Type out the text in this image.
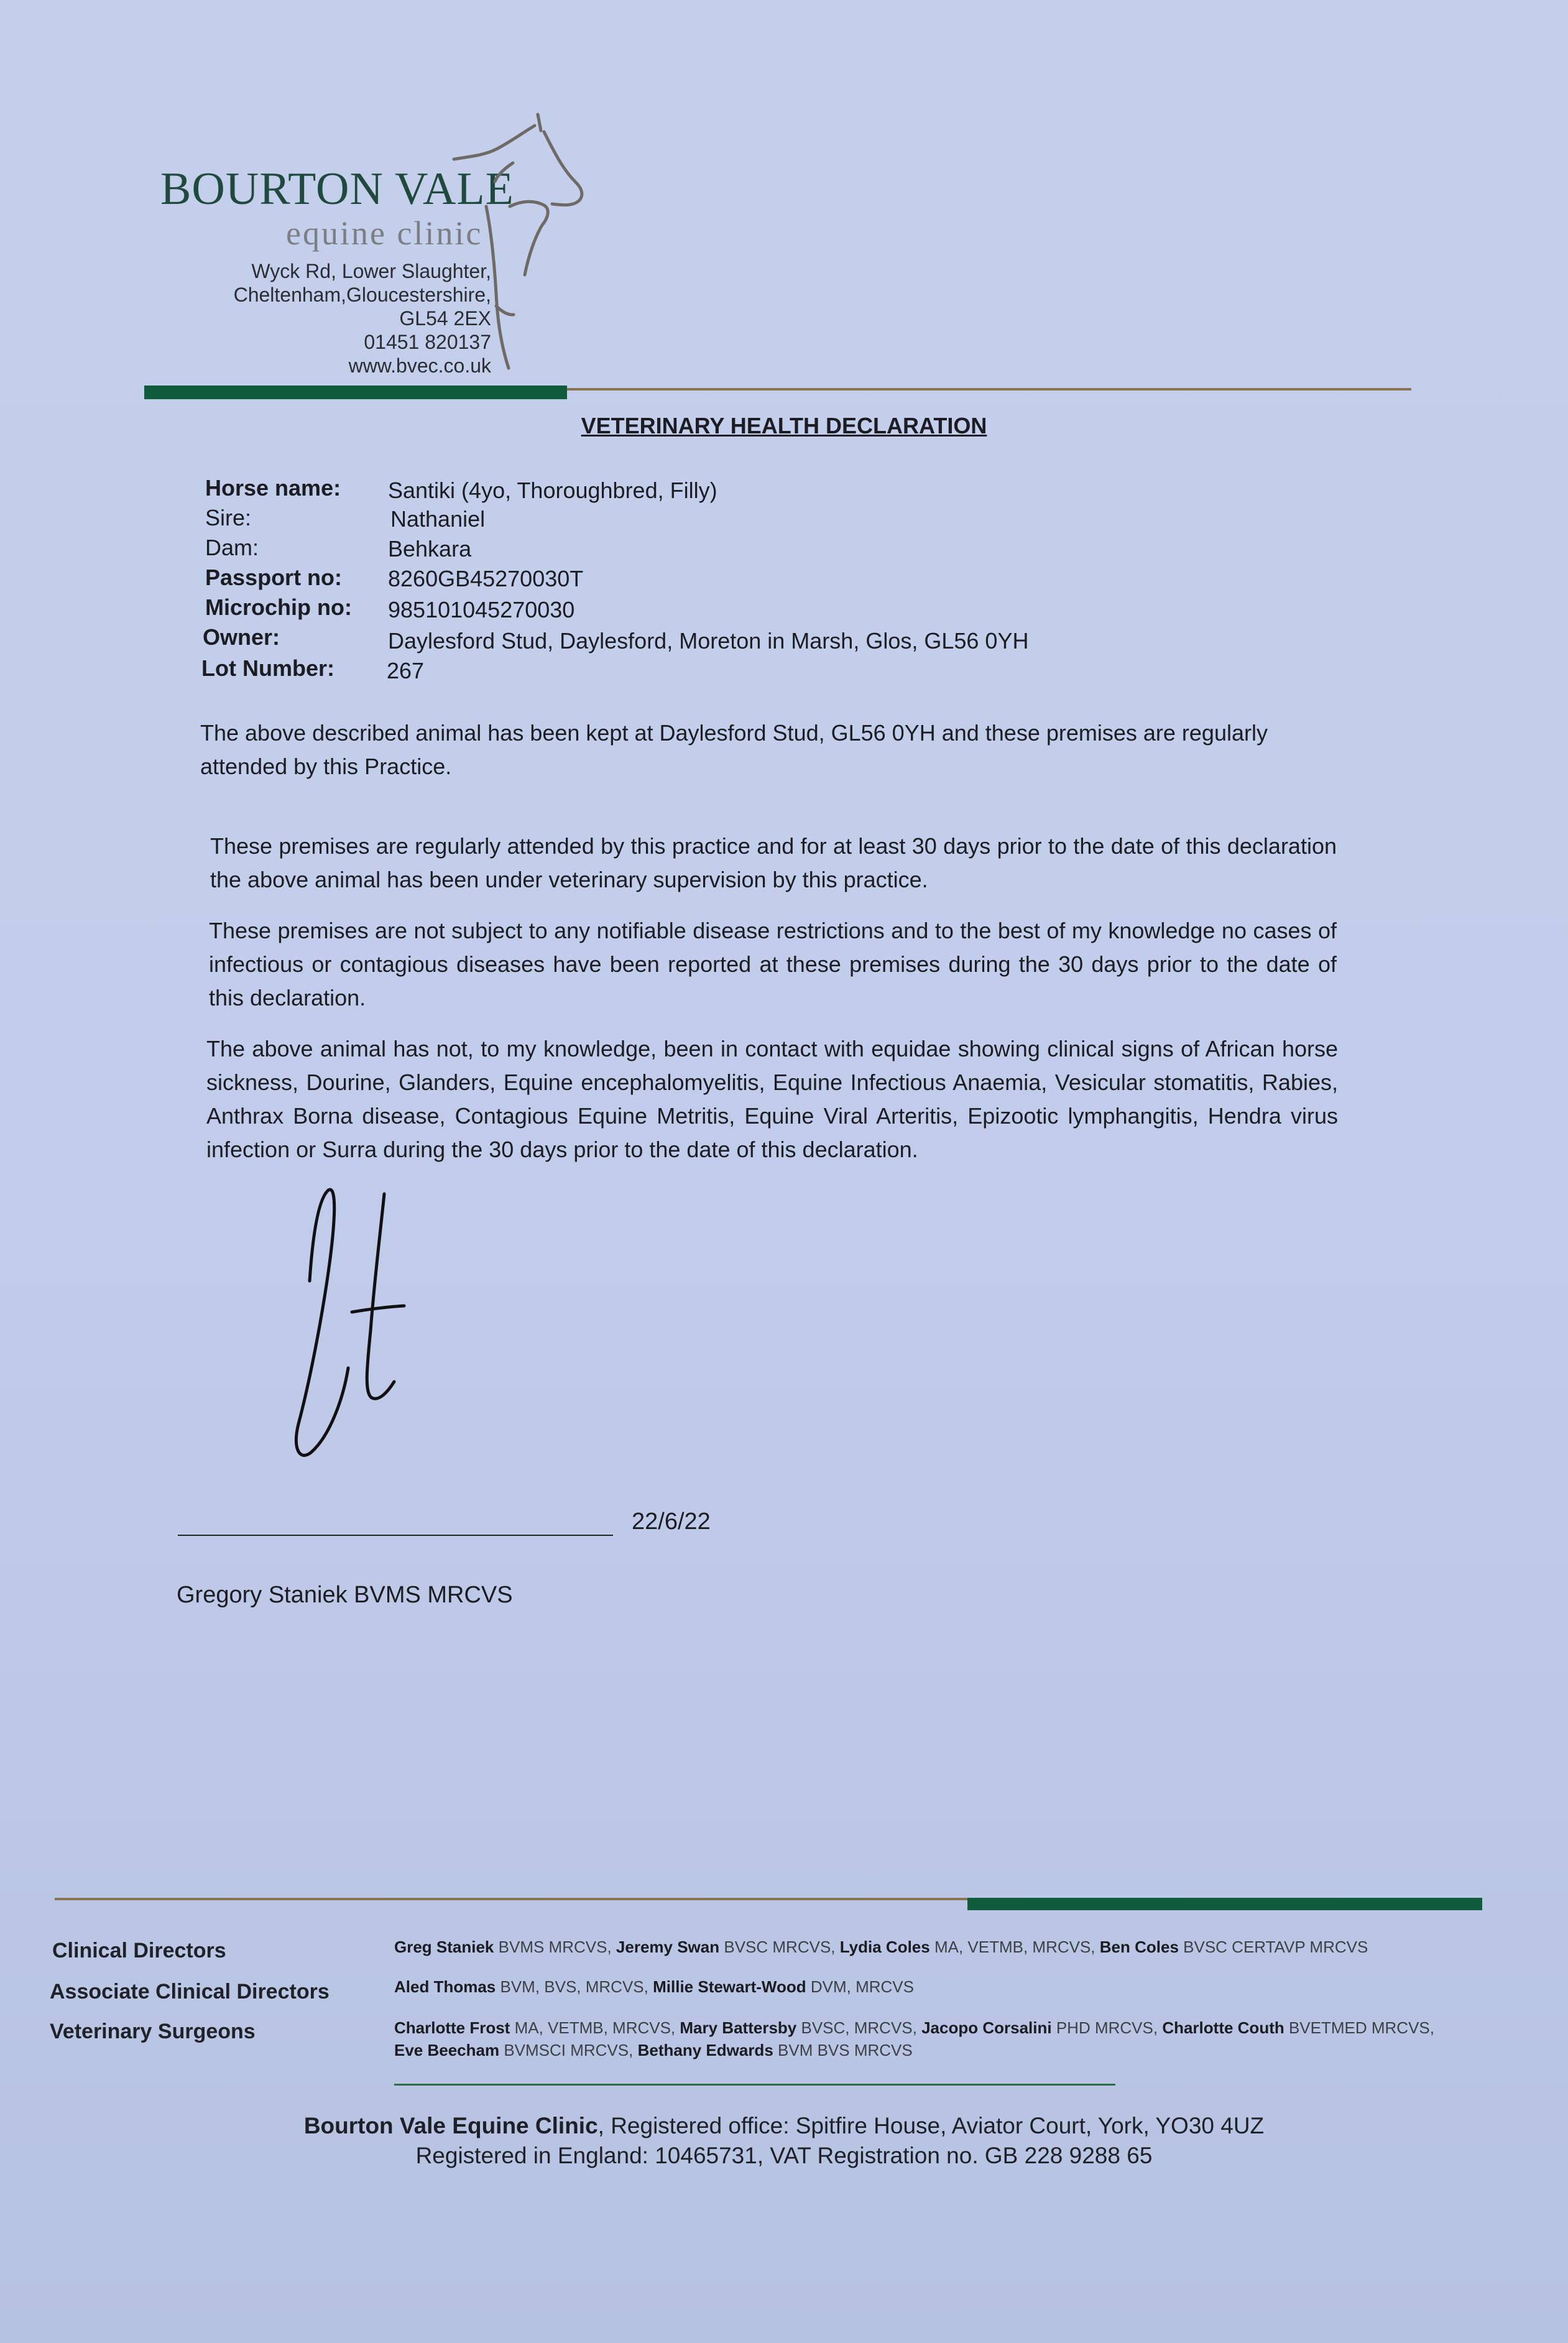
BOURTON VALE
equine clinic
Wyck Rd, Lower Slaughter,
Cheltenham,Gloucestershire,
GL54 2EX
01451 820137
www.bvec.co.uk
VETERINARY HEALTH DECLARATION
Horse name: Santiki (4yo, Thoroughbred, Filly)
Sire:	Nathaniel
Dam:	Behkara
Passport no: 8260GB45270030T
Microchip no: 985101045270030
Owner:	Daylesford Stud, Daylesford, Moreton in Marsh, Glos, GL56 0YH
Lot Number: 267
The above described animal has been kept at Daylesford Stud, GL56 0YH and these premises are regularly attended by this Practice.
These premises are regularly attended by this practice and for at least 30 days prior to the date of this declaration the above animal has been under veterinary supervision by this practice.
These premises are not subject to any notifiable disease restrictions and to the best of my knowledge no cases of infectious or contagious diseases have been reported at these premises during the 30 days prior to the date of this declaration.
The above animal has not, to my knowledge, been in contact with equidae showing clinical signs of African horse sickness, Dourine, Glanders, Equine encephalomyelitis, Equine Infectious Anaemia, Vesicular stomatitis, Rabies, Anthrax Borna disease, Contagious Equine Metritis, Equine Viral Arteritis, Epizootic lymphangitis, Hendra virus infection or Surra during the 30 days prior to the date of this declaration.
22/6/22
Gregory Staniek BVMS MRCVS
Clinical Directors	Greg Staniek BVMS MRCVS, Jeremy Swan BVSC MRCVS, Lydia Coles MA, VETMB, MRCVS, Ben Coles BVSC CERTAVP MRCVS
Associate Clinical Directors	Aled Thomas BVM, BVS, MRCVS, Millie Stewart-Wood DVM, MRCVS
Veterinary Surgeons	Charlotte Frost MA, VETMB, MRCVS, Mary Battersby BVSC, MRCVS, Jacopo Corsalini PHD MRCVS, Charlotte Couth BVETMED MRCVS,
Eve Beecham BVMSCI MRCVS, Bethany Edwards BVM BVS MRCVS
Bourton Vale Equine Clinic, Registered office: Spitfire House, Aviator Court, York, YO30 4UZ
Registered in England: 10465731, VAT Registration no. GB 228 9288 65
